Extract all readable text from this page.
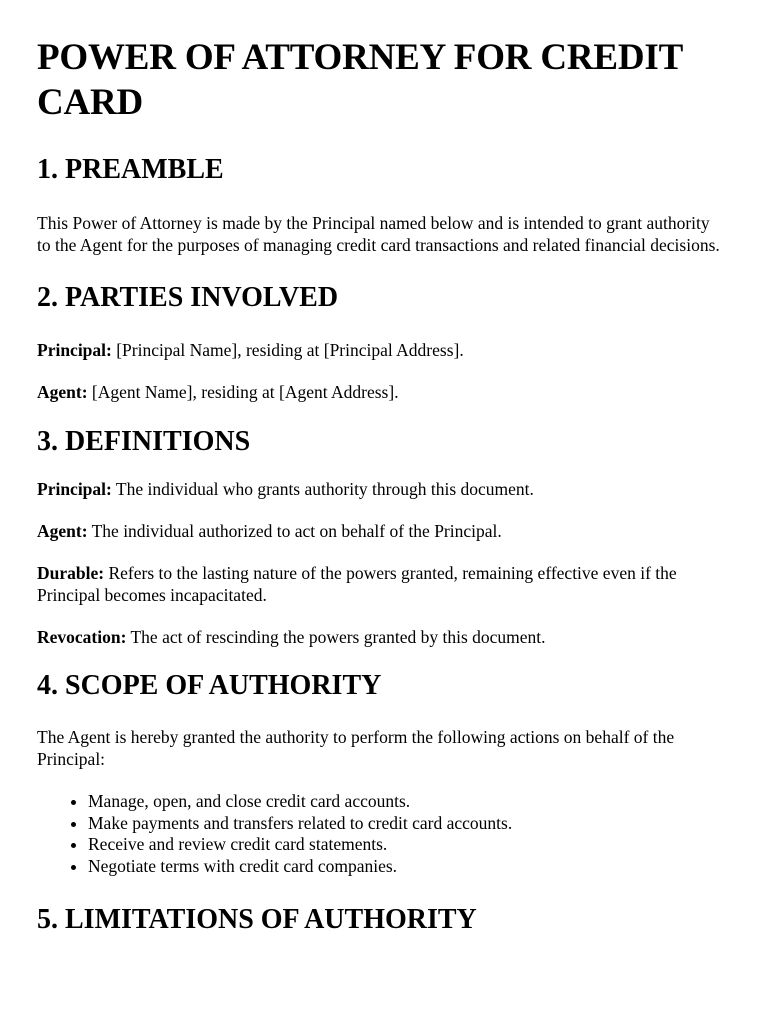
POWER OF ATTORNEY FOR CREDIT CARD
1. PREAMBLE

This Power of Attorney is made by the Principal named below and is intended to grant authority to the Agent for the purposes of managing credit card transactions and related financial decisions.

2. PARTIES INVOLVED

Principal: [Principal Name], residing at [Principal Address].

Agent: [Agent Name], residing at [Agent Address].

3. DEFINITIONS

Principal: The individual who grants authority through this document.

Agent: The individual authorized to act on behalf of the Principal.

Durable: Refers to the lasting nature of the powers granted, remaining effective even if the Principal becomes incapacitated.

Revocation: The act of rescinding the powers granted by this document.

4. SCOPE OF AUTHORITY

The Agent is hereby granted the authority to perform the following actions on behalf of the Principal:

• Manage, open, and close credit card accounts.
• Make payments and transfers related to credit card accounts.
• Receive and review credit card statements.
• Negotiate terms with credit card companies.
5. LIMITATIONS OF AUTHORITY
